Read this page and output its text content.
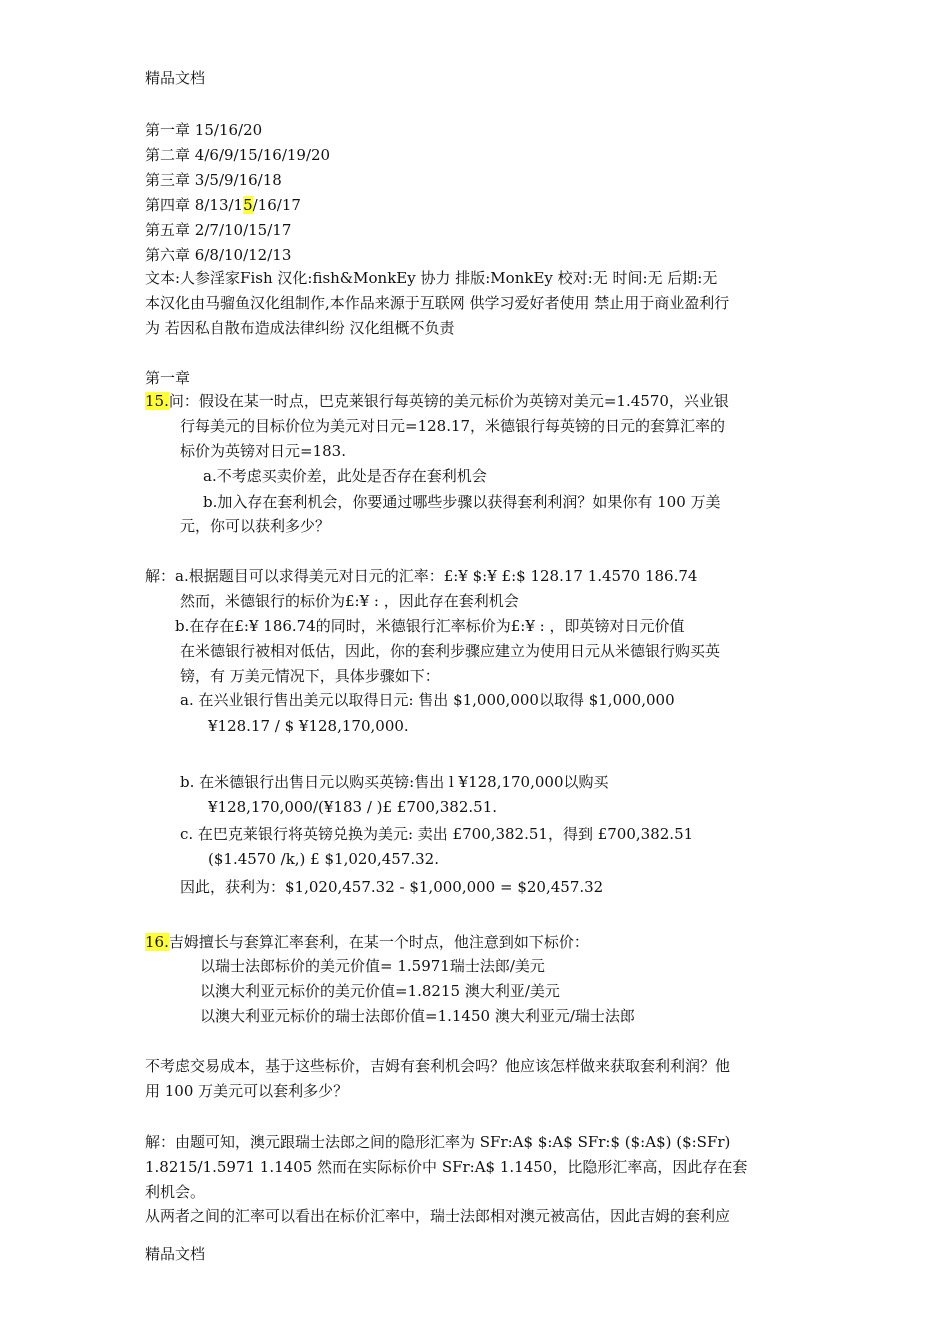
精品文档
第一章 15/16/20
第二章 4/6/9/15/16/19/20
第三章 3/5/9/16/18
第四章 8/13/15/16/17
第五章 2/7/10/15/17
第六章 6/8/10/12/13
文本:人参淫家Fish 汉化:fish&MonkEy 协力 排版:MonkEy 校对:无 时间:无 后期:无
本汉化由马骝鱼汉化组制作,本作品来源于互联网 供学习爱好者使用 禁止用于商业盈利行
为 若因私自散布造成法律纠纷 汉化组概不负责
第一章
15.问：假设在某一时点，巴克莱银行每英镑的美元标价为英镑对美元=1.4570，兴业银
行每美元的目标价位为美元对日元=128.17，米德银行每英镑的日元的套算汇率的
标价为英镑对日元=183.
a.不考虑买卖价差，此处是否存在套利机会
b.加入存在套利机会，你要通过哪些步骤以获得套利利润？如果你有 100 万美
元，你可以获利多少？
解：a.根据题目可以求得美元对日元的汇率：£:¥ $:¥ £:$ 128.17 1.4570 186.74
然而，米德银行的标价为£:¥ : ，因此存在套利机会
b.在存在£:¥ 186.74的同时，米德银行汇率标价为£:¥ : ，即英镑对日元价值
在米德银行被相对低估，因此，你的套利步骤应建立为使用日元从米德银行购买英
镑，有 万美元情况下，具体步骤如下：
a. 在兴业银行售出美元以取得日元: 售出 $1,000,000以取得 $1,000,000
¥128.17 / $ ¥128,170,000.
b. 在米德银行出售日元以购买英镑:售出 l ¥128,170,000以购买
¥128,170,000/(¥183 / )£ £700,382.51.
c. 在巴克莱银行将英镑兑换为美元: 卖出 £700,382.51，得到 £700,382.51
($1.4570 /k,) £ $1,020,457.32.
因此，获利为：$1,020,457.32 - $1,000,000 = $20,457.32
16.吉姆擅长与套算汇率套利，在某一个时点，他注意到如下标价：
以瑞士法郎标价的美元价值= 1.5971瑞士法郎/美元
以澳大利亚元标价的美元价值=1.8215 澳大利亚/美元
以澳大利亚元标价的瑞士法郎价值=1.1450 澳大利亚元/瑞士法郎
不考虑交易成本，基于这些标价，吉姆有套利机会吗？他应该怎样做来获取套利利润？他
用 100 万美元可以套利多少？
解：由题可知，澳元跟瑞士法郎之间的隐形汇率为 SFr:A$ $:A$ SFr:$ ($:A$) ($:SFr)
1.8215/1.5971 1.1405 然而在实际标价中 SFr:A$ 1.1450，比隐形汇率高，因此存在套
利机会。
从两者之间的汇率可以看出在标价汇率中，瑞士法郎相对澳元被高估，因此吉姆的套利应
精品文档
